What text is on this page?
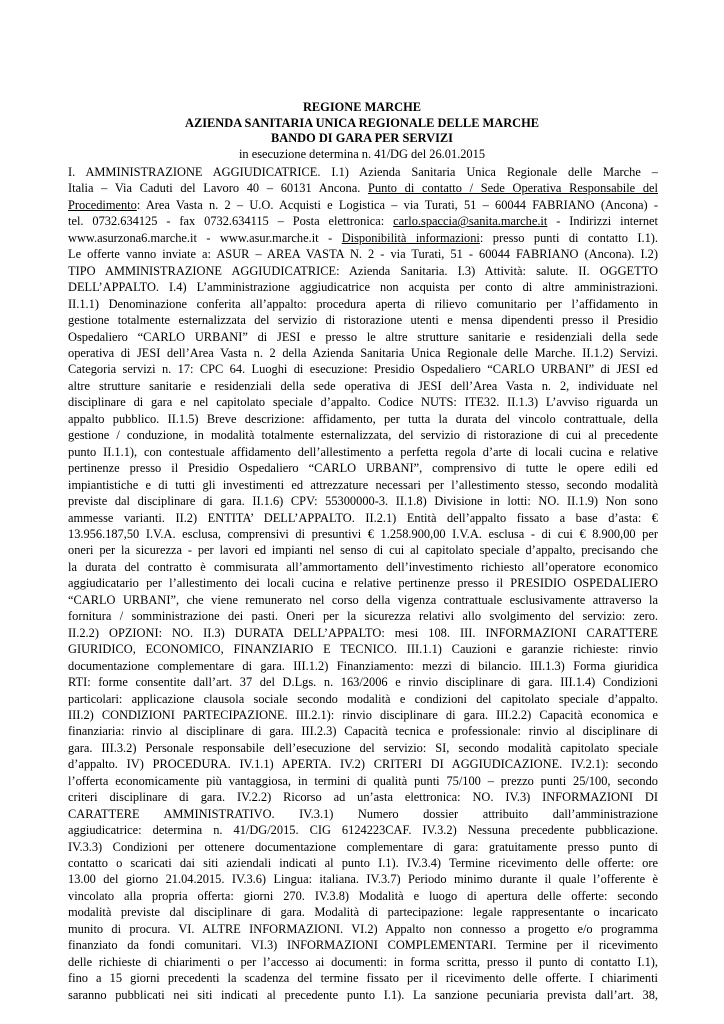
REGIONE MARCHE
AZIENDA SANITARIA UNICA REGIONALE DELLE MARCHE
BANDO DI GARA PER SERVIZI
in esecuzione determina n. 41/DG del 26.01.2015
I. AMMINISTRAZIONE AGGIUDICATRICE. I.1) Azienda Sanitaria Unica Regionale delle Marche –
Italia – Via Caduti del Lavoro 40 – 60131 Ancona. Punto di contatto / Sede Operativa Responsabile del
Procedimento: Area Vasta n. 2 – U.O. Acquisti e Logistica – via Turati, 51 – 60044 FABRIANO (Ancona) -
tel. 0732.634125 - fax 0732.634115 – Posta elettronica: carlo.spaccia@sanita.marche.it - Indirizzi internet
www.asurzona6.marche.it - www.asur.marche.it - Disponibilità informazioni: presso punti di contatto I.1).
Le offerte vanno inviate a: ASUR – AREA VASTA N. 2 - via Turati, 51 - 60044 FABRIANO (Ancona). I.2)
TIPO AMMINISTRAZIONE AGGIUDICATRICE: Azienda Sanitaria. I.3) Attività: salute. II. OGGETTO
DELL’APPALTO. I.4) L’amministrazione aggiudicatrice non acquista per conto di altre amministrazioni.
II.1.1) Denominazione conferita all’appalto: procedura aperta di rilievo comunitario per l’affidamento in
gestione totalmente esternalizzata del servizio di ristorazione utenti e mensa dipendenti presso il Presidio
Ospedaliero “CARLO URBANI” di JESI e presso le altre strutture sanitarie e residenziali della sede
operativa di JESI dell’Area Vasta n. 2 della Azienda Sanitaria Unica Regionale delle Marche. II.1.2) Servizi.
Categoria servizi n. 17: CPC 64. Luoghi di esecuzione: Presidio Ospedaliero “CARLO URBANI” di JESI ed
altre strutture sanitarie e residenziali della sede operativa di JESI dell’Area Vasta n. 2, individuate nel
disciplinare di gara e nel capitolato speciale d’appalto. Codice NUTS: ITE32. II.1.3) L’avviso riguarda un
appalto pubblico. II.1.5) Breve descrizione: affidamento, per tutta la durata del vincolo contrattuale, della
gestione / conduzione, in modalità totalmente esternalizzata, del servizio di ristorazione di cui al precedente
punto II.1.1), con contestuale affidamento dell’allestimento a perfetta regola d’arte di locali cucina e relative
pertinenze presso il Presidio Ospedaliero “CARLO URBANI”, comprensivo di tutte le opere edili ed
impiantistiche e di tutti gli investimenti ed attrezzature necessari per l’allestimento stesso, secondo modalità
previste dal disciplinare di gara. II.1.6) CPV: 55300000-3. II.1.8) Divisione in lotti: NO. II.1.9) Non sono
ammesse varianti. II.2) ENTITA’ DELL’APPALTO. II.2.1) Entità dell’appalto fissato a base d’asta: €
13.956.187,50 I.V.A. esclusa, comprensivi di presuntivi € 1.258.900,00 I.V.A. esclusa - di cui € 8.900,00 per
oneri per la sicurezza - per lavori ed impianti nel senso di cui al capitolato speciale d’appalto, precisando che
la durata del contratto è commisurata all’ammortamento dell’investimento richiesto all’operatore economico
aggiudicatario per l’allestimento dei locali cucina e relative pertinenze presso il PRESIDIO OSPEDALIERO
“CARLO URBANI”, che viene remunerato nel corso della vigenza contrattuale esclusivamente attraverso la
fornitura / somministrazione dei pasti. Oneri per la sicurezza relativi allo svolgimento del servizio: zero.
II.2.2) OPZIONI: NO. II.3) DURATA DELL’APPALTO: mesi 108. III. INFORMAZIONI CARATTERE
GIURIDICO, ECONOMICO, FINANZIARIO E TECNICO. III.1.1) Cauzioni e garanzie richieste: rinvio
documentazione complementare di gara. III.1.2) Finanziamento: mezzi di bilancio. III.1.3) Forma giuridica
RTI: forme consentite dall’art. 37 del D.Lgs. n. 163/2006 e rinvio disciplinare di gara. III.1.4) Condizioni
particolari: applicazione clausola sociale secondo modalità e condizioni del capitolato speciale d’appalto.
III.2) CONDIZIONI PARTECIPAZIONE. III.2.1): rinvio disciplinare di gara. III.2.2) Capacità economica e
finanziaria: rinvio al disciplinare di gara. III.2.3) Capacità tecnica e professionale: rinvio al disciplinare di
gara. III.3.2) Personale responsabile dell’esecuzione del servizio: SI, secondo modalità capitolato speciale
d’appalto. IV) PROCEDURA. IV.1.1) APERTA. IV.2) CRITERI DI AGGIUDICAZIONE. IV.2.1): secondo
l’offerta economicamente più vantaggiosa, in termini di qualità punti 75/100 – prezzo punti 25/100, secondo
criteri disciplinare di gara. IV.2.2) Ricorso ad un’asta elettronica: NO. IV.3) INFORMAZIONI DI
CARATTERE AMMINISTRATIVO. IV.3.1) Numero dossier attribuito dall’amministrazione
aggiudicatrice: determina n. 41/DG/2015. CIG 6124223CAF. IV.3.2) Nessuna precedente pubblicazione.
IV.3.3) Condizioni per ottenere documentazione complementare di gara: gratuitamente presso punto di
contatto o scaricati dai siti aziendali indicati al punto I.1). IV.3.4) Termine ricevimento delle offerte: ore
13.00 del giorno 21.04.2015. IV.3.6) Lingua: italiana. IV.3.7) Periodo minimo durante il quale l’offerente è
vincolato alla propria offerta: giorni 270. IV.3.8) Modalità e luogo di apertura delle offerte: secondo
modalità previste dal disciplinare di gara. Modalità di partecipazione: legale rappresentante o incaricato
munito di procura. VI. ALTRE INFORMAZIONI. VI.2) Appalto non connesso a progetto e/o programma
finanziato da fondi comunitari. VI.3) INFORMAZIONI COMPLEMENTARI. Termine per il ricevimento
delle richieste di chiarimenti o per l’accesso ai documenti: in forma scritta, presso il punto di contatto I.1),
fino a 15 giorni precedenti la scadenza del termine fissato per il ricevimento delle offerte. I chiarimenti
saranno pubblicati nei siti indicati al precedente punto I.1). La sanzione pecuniaria prevista dall’art. 38,
